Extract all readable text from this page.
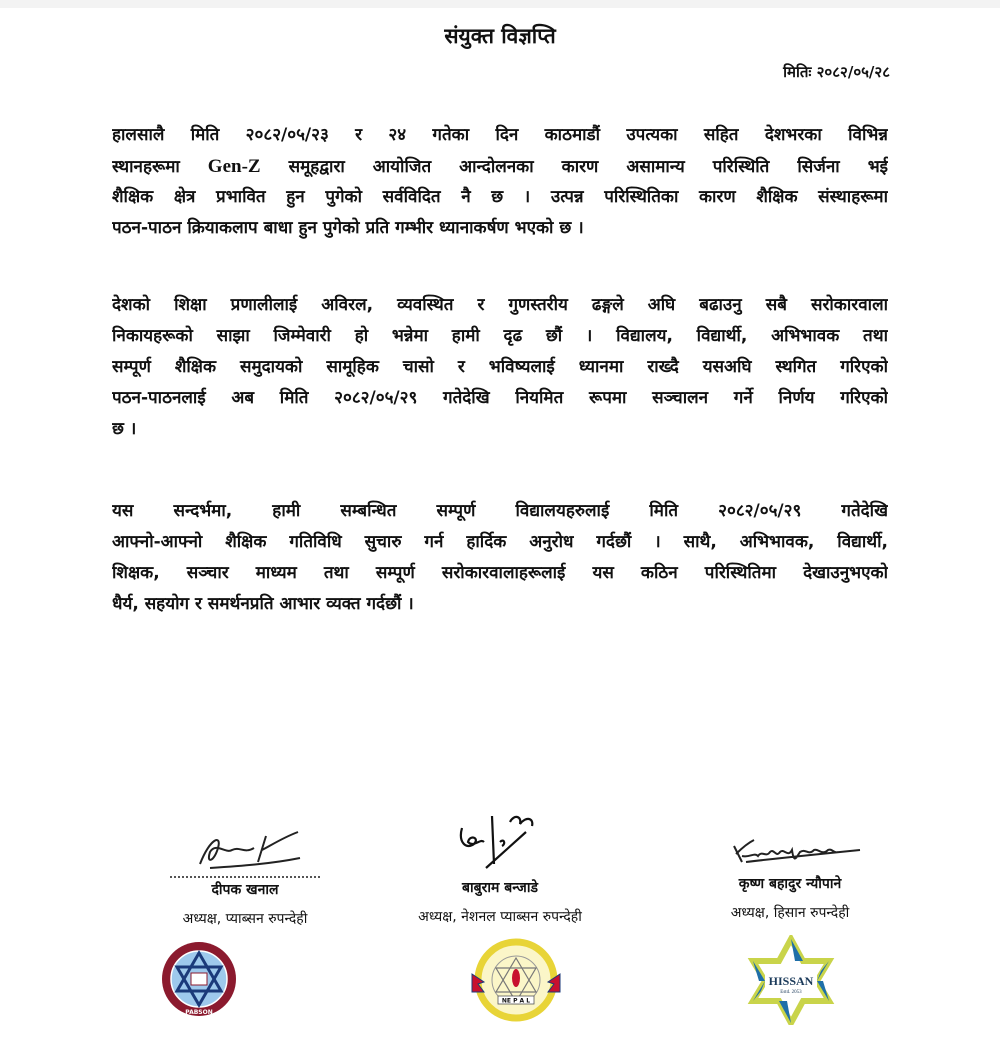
संयुक्त विज्ञप्ति
मितिः २०८२/०५/२८
हालसालै मिति २०८२/०५/२३ र २४ गतेका दिन काठमाडौं उपत्यका सहित देशभरका विभिन्न
स्थानहरूमा Gen-Z समूहद्वारा आयोजित आन्दोलनका कारण असामान्य परिस्थिति सिर्जना भई
शैक्षिक क्षेत्र प्रभावित हुन पुगेको सर्वविदित नै छ । उत्पन्न परिस्थितिका कारण शैक्षिक संस्थाहरूमा
पठन-पाठन क्रियाकलाप बाधा हुन पुगेको प्रति गम्भीर ध्यानाकर्षण भएको छ ।
देशको शिक्षा प्रणालीलाई अविरल, व्यवस्थित र गुणस्तरीय ढङ्गले अघि बढाउनु सबै सरोकारवाला
निकायहरूको साझा जिम्मेवारी हो भन्नेमा हामी दृढ छौं । विद्यालय, विद्यार्थी, अभिभावक तथा
सम्पूर्ण शैक्षिक समुदायको सामूहिक चासो र भविष्यलाई ध्यानमा राख्दै यसअघि स्थगित गरिएको
पठन-पाठनलाई अब मिति २०८२/०५/२९ गतेदेखि नियमित रूपमा सञ्चालन गर्ने निर्णय गरिएको
छ ।
यस सन्दर्भमा, हामी सम्बन्धित सम्पूर्ण विद्यालयहरुलाई मिति २०८२/०५/२९ गतेदेखि
आफ्नो-आफ्नो शैक्षिक गतिविधि सुचारु गर्न हार्दिक अनुरोध गर्दछौं । साथै, अभिभावक, विद्यार्थी,
शिक्षक, सञ्चार माध्यम तथा सम्पूर्ण सरोकारवालाहरूलाई यस कठिन परिस्थितिमा देखाउनुभएको
धैर्य, सहयोग र समर्थनप्रति आभार व्यक्त गर्दछौं ।
दीपक खनाल
अध्यक्ष, प्याब्सन रुपन्देही
PABSON
बाबुराम बन्जाडे
अध्यक्ष, नेशनल प्याब्सन रुपन्देही
NE P A L
कृष्ण बहादुर न्यौपाने
अध्यक्ष, हिसान रुपन्देही
HISSAN
Estd. 2053
